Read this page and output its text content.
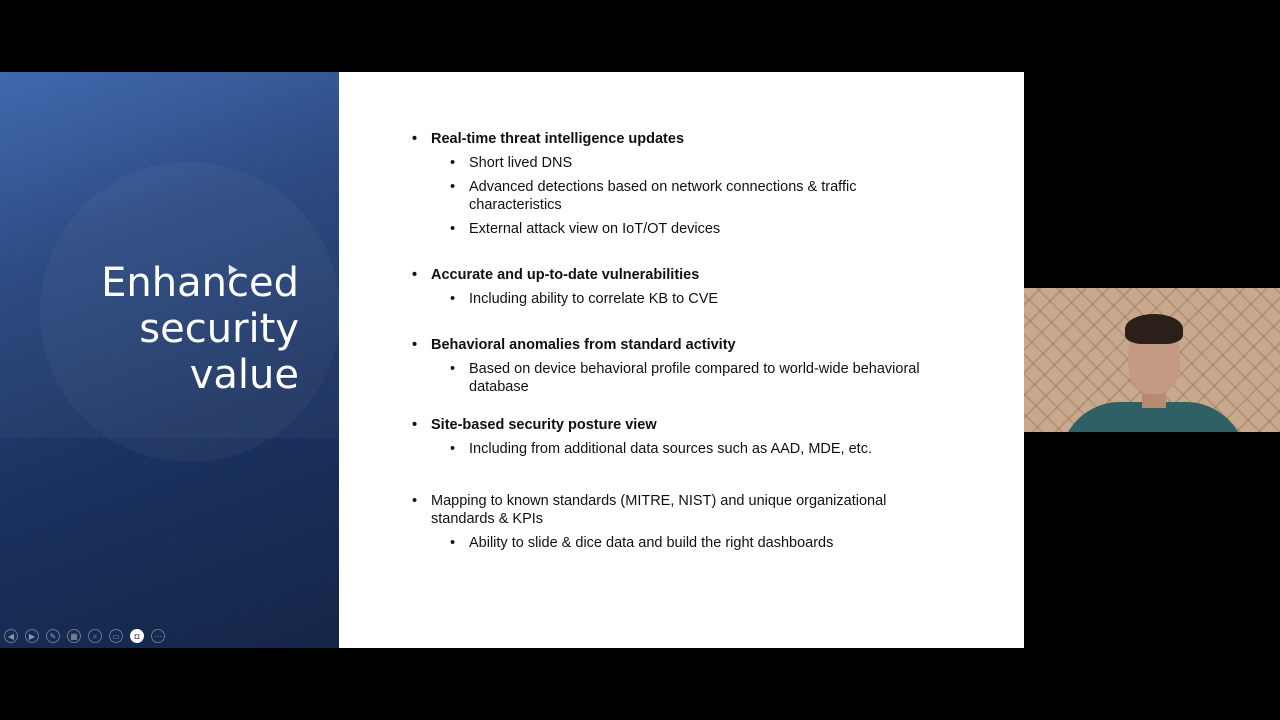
Enhanced
security
value
◀	▶	✎	▦	⌕	▭	◘	⋯
• Real-time threat intelligence updates
• Short lived DNS
• Advanced detections based on network connections & traffic characteristics
• External attack view on IoT/OT devices
• Accurate and up-to-date vulnerabilities
• Including ability to correlate KB to CVE
• Behavioral anomalies from standard activity
• Based on device behavioral profile compared to world-wide behavioral database
• Site-based security posture view
• Including from additional data sources such as AAD, MDE, etc.
• Mapping to known standards (MITRE, NIST) and unique organizational standards & KPIs
• Ability to slide & dice data and build the right dashboards
